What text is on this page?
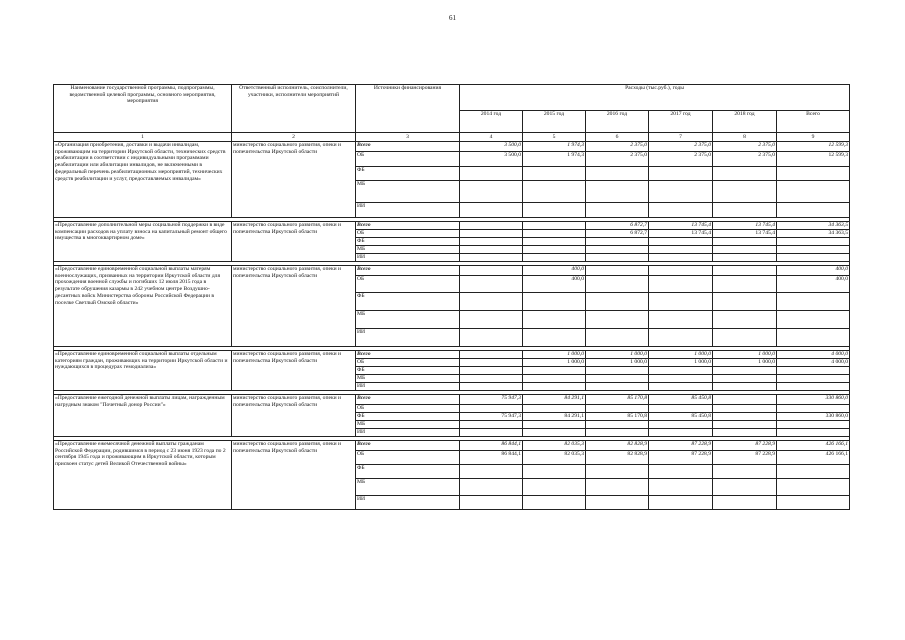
61
Наименование государственной программы, подпрограммы, ведомственной целевой программы, основного мероприятия, мероприятия	Ответственный исполнитель, соисполнители, участники, исполнители мероприятий	Источники финансирования	Расходы (тыс.руб.), годы					
			2014 год	2015 год	2016 год	2017 год	2018 год	Всего
1	2	3	4	5	6	7	8	9
«Организация приобретения, доставки и выдачи инвалидам, проживающим на территории Иркутской области, технических средств реабилитации в соответствии с индивидуальными программами реабилитации или абилитации инвалидов, не включенными в федеральный перечень реабилитационных мероприятий, технических средств реабилитации и услуг, предоставляемых инвалидам»	министерство социального развития, опеки и попечительства Иркутской области	Всего	3 500,0	1 974,3	2 375,0	2 375,0	2 375,0	12 599,3
		ОБ	3 500,0	1 974,3	2 375,0	2 375,0	2 375,0	12 599,3
		ФБ						
		МБ						
		ИИ						

«Предоставление дополнительной меры социальной поддержки в виде компенсации расходов на уплату взноса на капитальный ремонт общего имущества в многоквартирном доме»	министерство социального развития, опеки и попечительства Иркутской области	Всего			6 872,7	13 745,4	13 745,4	34 363,5
		ОБ			6 872,7	13 745,4	13 745,4	34 363,5
		ФБ						
		МБ						
		ИИ						

«Предоставление единовременной социальной выплаты матерям военнослужащих, призванных на территории Иркутской области для прохождения военной службы и погибших 12 июля 2015 года в результате обрушения казармы в 242 учебном центре Воздушно-десантных войск Министерства обороны Российской Федерации в поселке Светлый Омской области»	министерство социального развития, опеки и попечительства Иркутской области	Всего		400,0				400,0
		ОБ		400,0				400,0
		ФБ						
		МБ						
		ИИ						

«Предоставление единовременной социальной выплаты отдельным категориям граждан, проживающих на территории Иркутской области и нуждающихся в процедурах гемодиализа»	министерство социального развития, опеки и попечительства Иркутской области	Всего		1 000,0	1 000,0	1 000,0	1 000,0	4 000,0
		ОБ		1 000,0	1 000,0	1 000,0	1 000,0	4 000,0
		ФБ						
		МБ						
		ИИ						

«Предоставление ежегодной денежной выплаты лицам, награжденным нагрудным знаком "Почетный донор России"»	министерство социального развития, опеки и попечительства Иркутской области	Всего	75 947,3	84 291,1	85 170,8	85 450,8		330 860,0
		ОБ						
		ФБ	75 947,3	84 291,1	85 170,8	85 450,8		330 860,0
		МБ						
		ИИ						

«Предоставление ежемесячной денежной выплаты гражданам Российской Федерации, родившимся в период с 23 июня 1923 года по 2 сентября 1945 года и проживающим в Иркутской области, которым присвоен статус детей Великой Отечественной войны»	министерство социального развития, опеки и попечительства Иркутской области	Всего	86 844,1	82 035,3	82 828,9	87 228,9	87 228,9	426 166,1
		ОБ	86 844,1	82 035,3	82 828,9	87 228,9	87 228,9	426 166,1
		ФБ						
		МБ						
		ИИ						
